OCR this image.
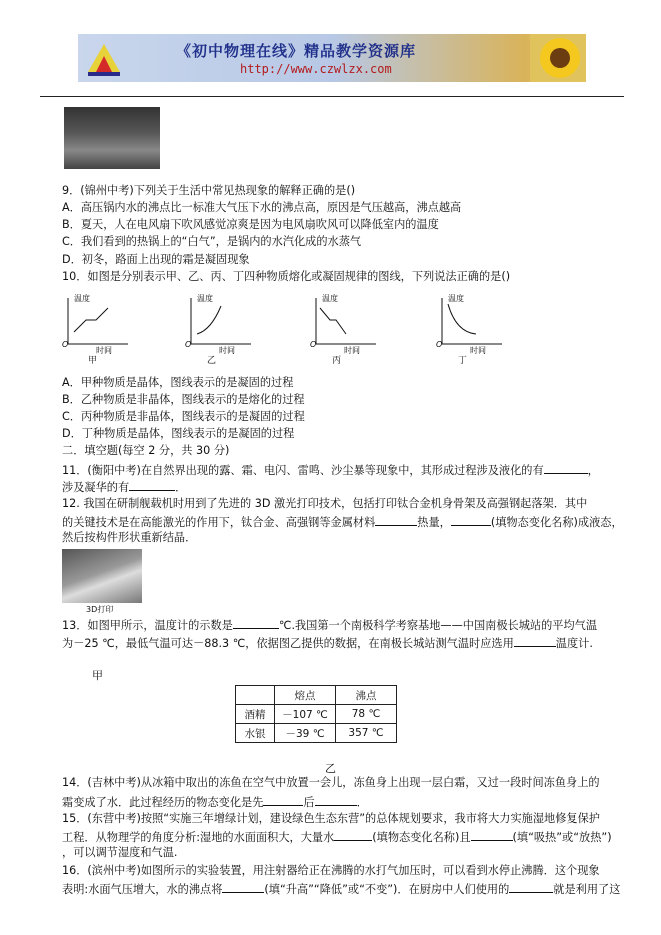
《初中物理在线》精品教学资源库
http://www.czwlzx.com
9．(锦州中考)下列关于生活中常见热现象的解释正确的是()
A．高压锅内水的沸点比一标准大气压下水的沸点高，原因是气压越高，沸点越高
B．夏天，人在电风扇下吹风感觉凉爽是因为电风扇吹风可以降低室内的温度
C．我们看到的热锅上的“白气”，是锅内的水汽化成的水蒸气
D．初冬，路面上出现的霜是凝固现象
10．如图是分别表示甲、乙、丙、丁四种物质熔化或凝固规律的图线，下列说法正确的是()
温度
时间
温度
时间
温度
时间
温度
时间
O	O	O	O
甲	乙	丙	丁
A．甲种物质是晶体，图线表示的是凝固的过程
B．乙种物质是非晶体，图线表示的是熔化的过程
C．丙种物质是非晶体，图线表示的是凝固的过程
D．丁种物质是晶体，图线表示的是凝固的过程
二．填空题(每空 2 分，共 30 分)
11．(衡阳中考)在自然界出现的露、霜、电闪、雷鸣、沙尘暴等现象中，其形成过程涉及液化的有	，
涉及凝华的有	．
12. 我国在研制舰载机时用到了先进的 3D 激光打印技术，包括打印钛合金机身骨架及高强钢起落架．其中
的关键技术是在高能激光的作用下，钛合金、高强钢等金属材料	热量，	(填物态变化名称)成液态，
然后按构件形状重新结晶．
3D打印
13．如图甲所示，温度计的示数是	℃.我国第一个南极科学考察基地——中国南极长城站的平均气温
为－25 ℃，最低气温可达－88.3 ℃，依据图乙提供的数据，在南极长城站测气温时应选用	温度计.
甲
	熔点	沸点
酒精	－107 ℃	78 ℃
水银	－39 ℃	357 ℃
乙
14．(吉林中考)从冰箱中取出的冻鱼在空气中放置一会儿，冻鱼身上出现一层白霜，又过一段时间冻鱼身上的
霜变成了水．此过程经历的物态变化是先	后	．
15．(东营中考)按照“实施三年增绿计划，建设绿色生态东营”的总体规划要求，我市将大力实施湿地修复保护
工程．从物理学的角度分析:湿地的水面面积大，大量水	(填物态变化名称)且	(填“吸热”或“放热”)
，可以调节湿度和气温.
16．(滨州中考)如图所示的实验装置，用注射器给正在沸腾的水打气加压时，可以看到水停止沸腾．这个现象
表明:水面气压增大，水的沸点将	(填“升高”“降低”或“不变”)．在厨房中人们使用的	就是利用了这
